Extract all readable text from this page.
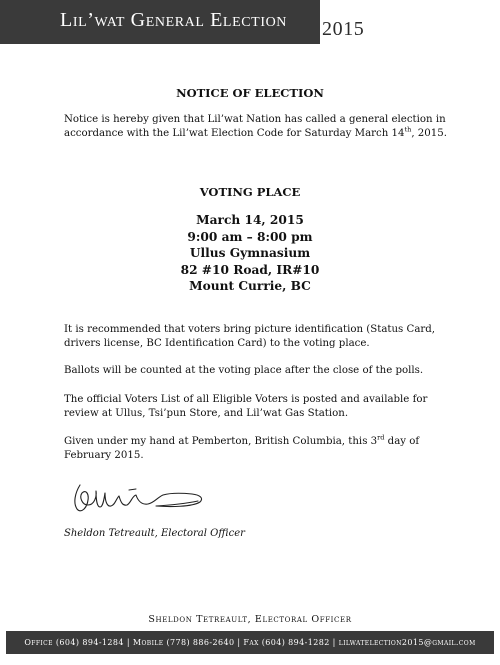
Lil’wat General Election	2015
NOTICE OF ELECTION
Notice is hereby given that Lil’wat Nation has called a general election in accordance with the Lil’wat Election Code for Saturday March 14th, 2015.
VOTING PLACE
March 14, 2015
9:00 am – 8:00 pm
Ullus Gymnasium
82 #10 Road, IR#10
Mount Currie, BC
It is recommended that voters bring picture identification (Status Card, drivers license, BC Identification Card) to the voting place.
Ballots will be counted at the voting place after the close of the polls.
The official Voters List of all Eligible Voters is posted and available for review at Ullus, Tsi’pun Store, and Lil’wat Gas Station.
Given under my hand at Pemberton, British Columbia, this 3rd day of February 2015.
Sheldon Tetreault, Electoral Officer
Sheldon Tetreault, Electoral Officer
Office (604) 894-1284 | Mobile (778) 886-2640 | Fax (604) 894-1282 | lilwatelection2015@gmail.com
